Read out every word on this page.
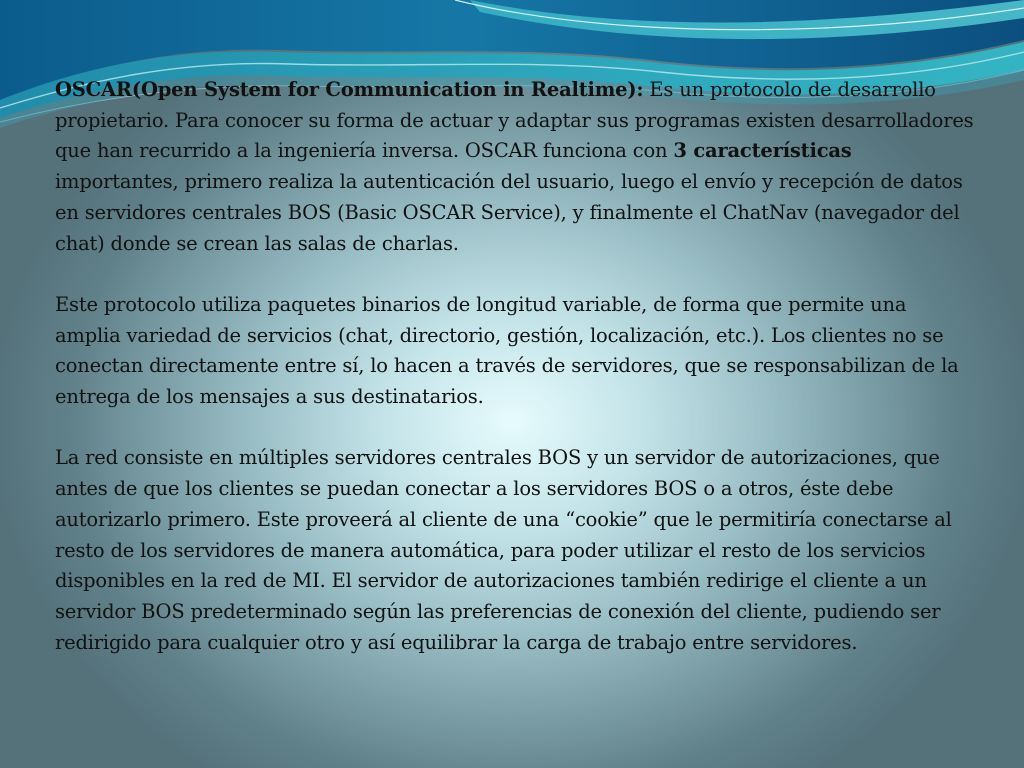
OSCAR(Open System for Communication in Realtime): Es un protocolo de desarrollo propietario. Para conocer su forma de actuar y adaptar sus programas existen desarrolladores que han recurrido a la ingeniería inversa. OSCAR funciona con 3 características importantes, primero realiza la autenticación del usuario, luego el envío y recepción de datos en servidores centrales BOS (Basic OSCAR Service), y finalmente el ChatNav (navegador del chat) donde se crean las salas de charlas.

Este protocolo utiliza paquetes binarios de longitud variable, de forma que permite una amplia variedad de servicios (chat, directorio, gestión, localización, etc.). Los clientes no se conectan directamente entre sí, lo hacen a través de servidores, que se responsabilizan de la entrega de los mensajes a sus destinatarios.

La red consiste en múltiples servidores centrales BOS y un servidor de autorizaciones, que antes de que los clientes se puedan conectar a los servidores BOS o a otros, éste debe autorizarlo primero. Este proveerá al cliente de una “cookie” que le permitiría conectarse al resto de los servidores de manera automática, para poder utilizar el resto de los servicios disponibles en la red de MI. El servidor de autorizaciones también redirige el cliente a un servidor BOS predeterminado según las preferencias de conexión del cliente, pudiendo ser redirigido para cualquier otro y así equilibrar la carga de trabajo entre servidores.
